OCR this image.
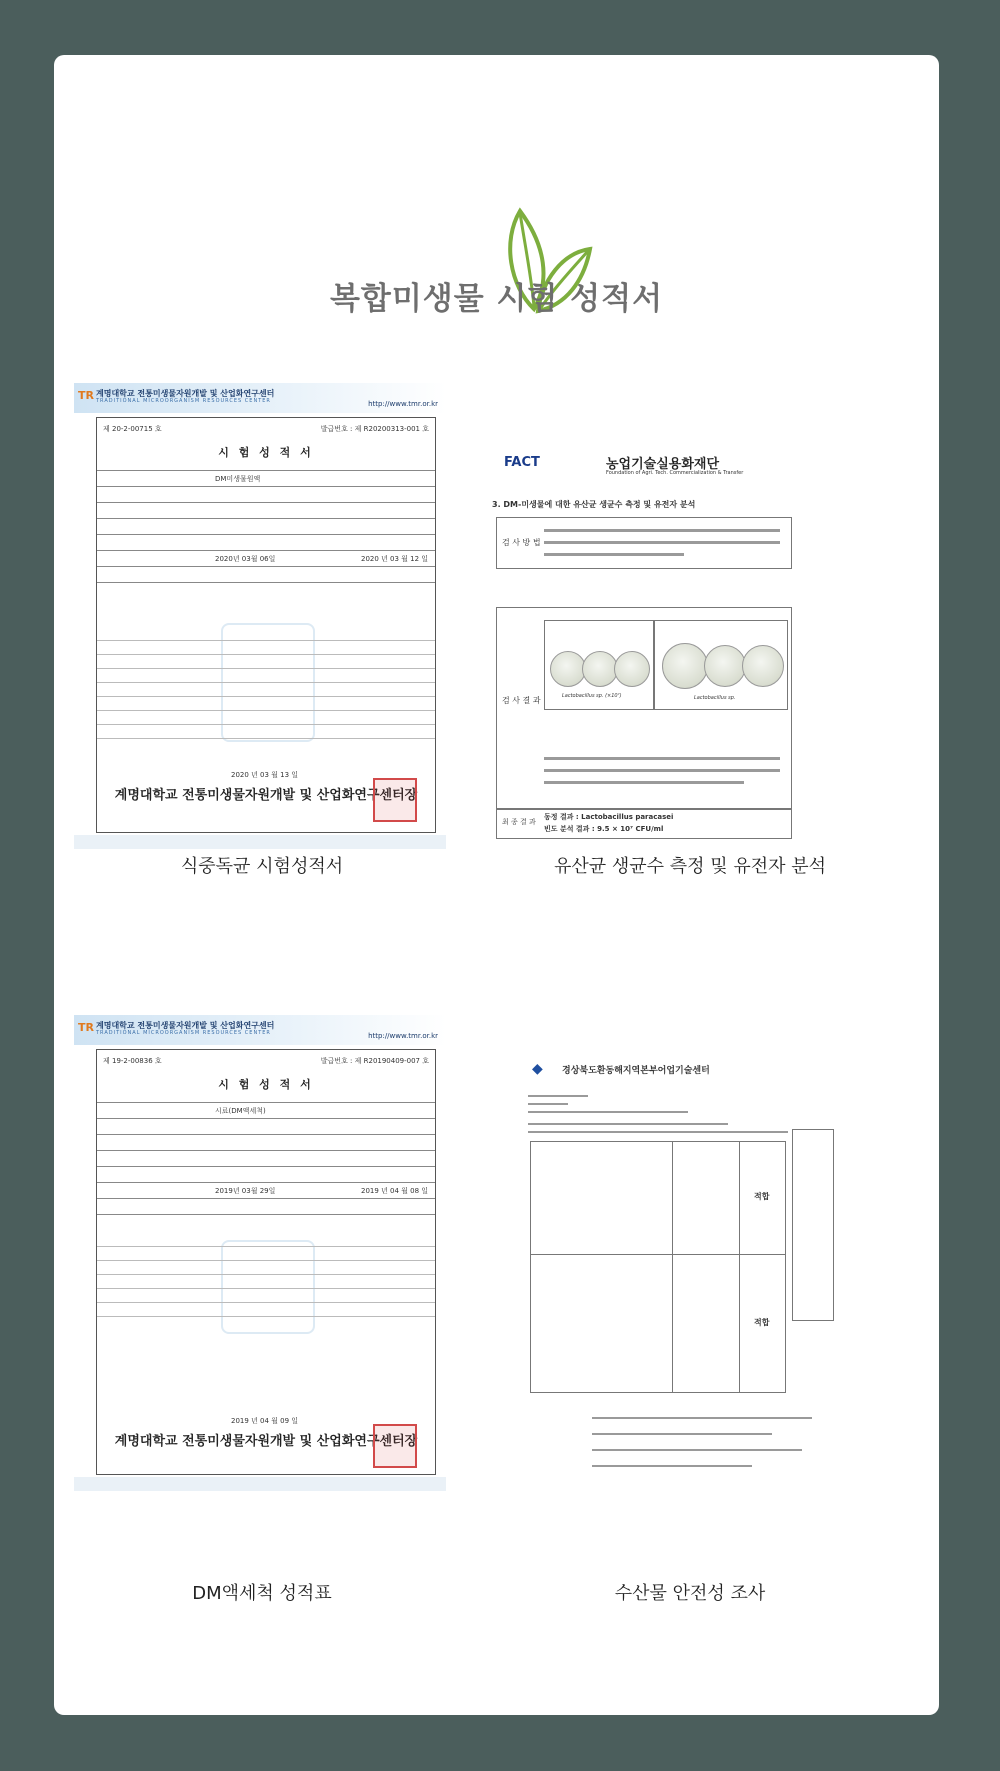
복합미생물 시험 성적서
TR 계명대학교 전통미생물자원개발 및 산업화연구센터
TRADITIONAL MICROORGANISM RESOURCES CENTER	http://www.tmr.or.kr
제 20-2-00715 호	발급번호 : 제 R20200313-001 호
시 험 성 적 서
DM미생물원액
2020년 03월 06일	2020 년 03 월 12 일
2020 년 03 월 13 일
계명대학교 전통미생물자원개발 및 산업화연구센터장
식중독균 시험성적서
FACT	농업기술실용화재단
Foundation of Agri. Tech. Commercialization & Transfer
3. DM-미생물에 대한 유산균 생균수 측정 및 유전자 분석
검 사 방 법
검 사 결 과	Lactobacillus sp. (×10⁷)	Lactobacillus sp.
최 종 결 과
동정 결과 : Lactobacillus paracasei
빈도 분석 결과 : 9.5 × 10⁷ CFU/ml
유산균 생균수 측정 및 유전자 분석
TR 계명대학교 전통미생물자원개발 및 산업화연구센터
TRADITIONAL MICROORGANISM RESOURCES CENTER	http://www.tmr.or.kr
제 19-2-00836 호	발급번호 : 제 R20190409-007 호
시 험 성 적 서
시료(DM액세척)
2019년 03월 29일	2019 년 04 월 08 일
2019 년 04 월 09 일
계명대학교 전통미생물자원개발 및 산업화연구센터장
DM액세척 성적표
◆ 경상북도환동해지역본부어업기술센터
적합
적합
수산물 안전성 조사
